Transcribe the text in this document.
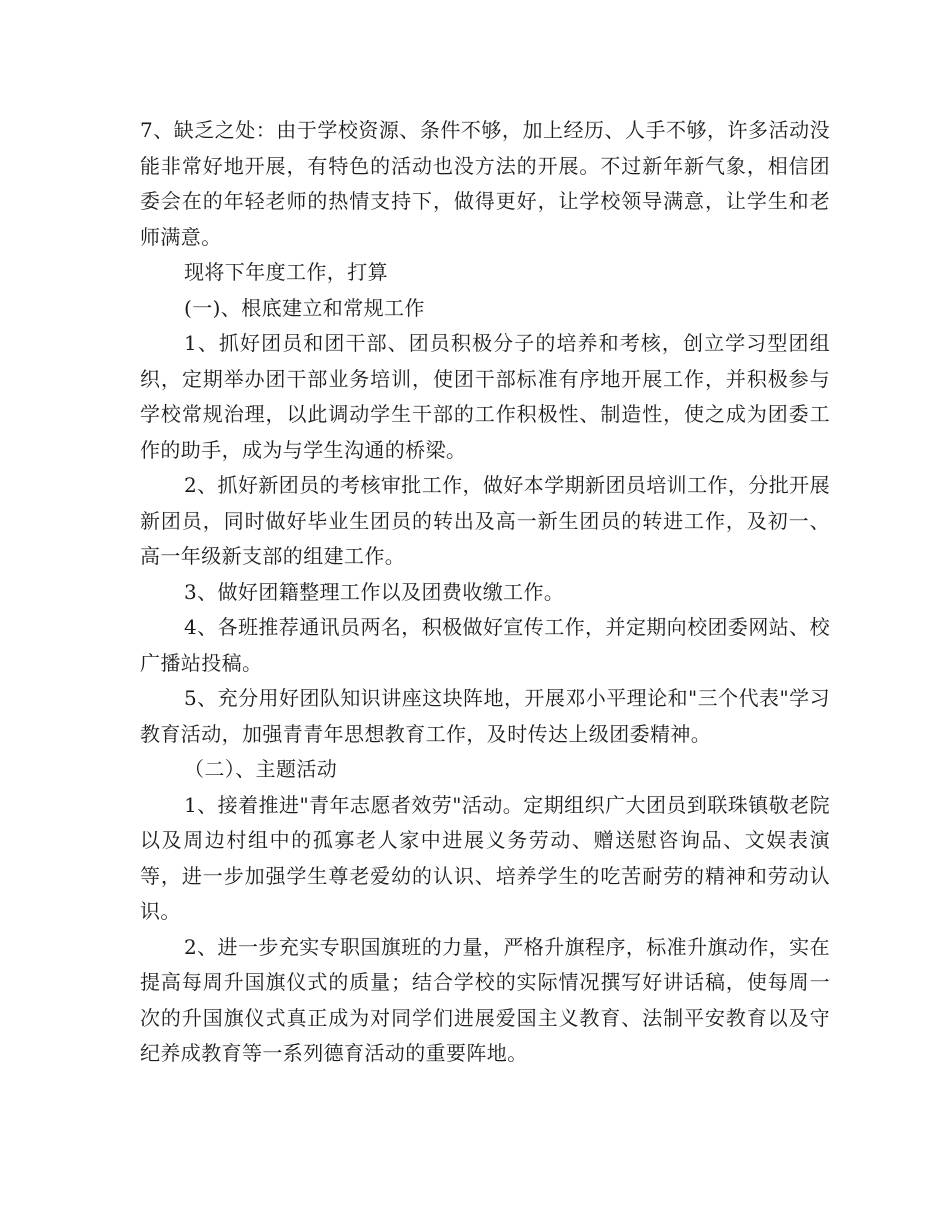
7、缺乏之处：由于学校资源、条件不够，加上经历、人手不够，许多活动没能非常好地开展，有特色的活动也没方法的开展。不过新年新气象，相信团委会在的年轻老师的热情支持下，做得更好，让学校领导满意，让学生和老师满意。

现将下年度工作，打算

(一)、根底建立和常规工作

1、抓好团员和团干部、团员积极分子的培养和考核，创立学习型团组织，定期举办团干部业务培训，使团干部标准有序地开展工作，并积极参与学校常规治理，以此调动学生干部的工作积极性、制造性，使之成为团委工作的助手，成为与学生沟通的桥梁。

2、抓好新团员的考核审批工作，做好本学期新团员培训工作，分批开展新团员，同时做好毕业生团员的转出及高一新生团员的转进工作，及初一、高一年级新支部的组建工作。

3、做好团籍整理工作以及团费收缴工作。

4、各班推荐通讯员两名，积极做好宣传工作，并定期向校团委网站、校广播站投稿。

5、充分用好团队知识讲座这块阵地，开展邓小平理论和"三个代表"学习教育活动，加强青青年思想教育工作，及时传达上级团委精神。

（二）、主题活动

1、接着推进"青年志愿者效劳"活动。定期组织广大团员到联珠镇敬老院以及周边村组中的孤寡老人家中进展义务劳动、赠送慰咨询品、文娱表演等，进一步加强学生尊老爱幼的认识、培养学生的吃苦耐劳的精神和劳动认识。

2、进一步充实专职国旗班的力量，严格升旗程序，标准升旗动作，实在提高每周升国旗仪式的质量；结合学校的实际情况撰写好讲话稿，使每周一次的升国旗仪式真正成为对同学们进展爱国主义教育、法制平安教育以及守纪养成教育等一系列德育活动的重要阵地。
